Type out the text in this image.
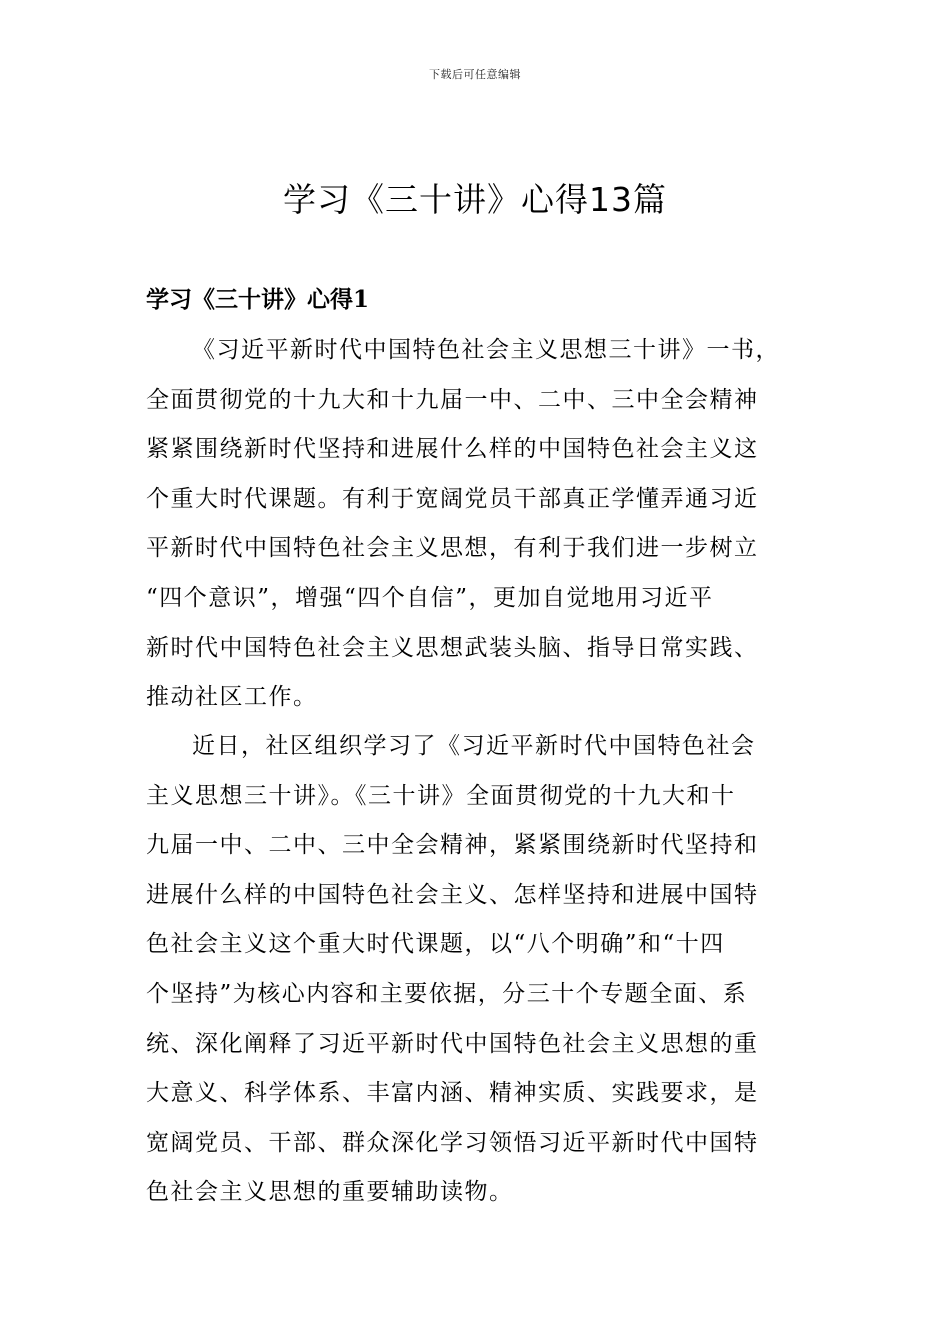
下载后可任意编辑
学习《三十讲》心得13篇
学习《三十讲》心得1

《习近平新时代中国特色社会主义思想三十讲》一书，
全面贯彻党的十九大和十九届一中、二中、三中全会精神
紧紧围绕新时代坚持和进展什么样的中国特色社会主义这
个重大时代课题。有利于宽阔党员干部真正学懂弄通习近
平新时代中国特色社会主义思想，有利于我们进一步树立
“四个意识”，增强“四个自信”，更加自觉地用习近平
新时代中国特色社会主义思想武装头脑、指导日常实践、
推动社区工作。

近日，社区组织学习了《习近平新时代中国特色社会
主义思想三十讲》。《三十讲》全面贯彻党的十九大和十
九届一中、二中、三中全会精神，紧紧围绕新时代坚持和
进展什么样的中国特色社会主义、怎样坚持和进展中国特
色社会主义这个重大时代课题，以“八个明确”和“十四
个坚持”为核心内容和主要依据，分三十个专题全面、系
统、深化阐释了习近平新时代中国特色社会主义思想的重
大意义、科学体系、丰富内涵、精神实质、实践要求，是
宽阔党员、干部、群众深化学习领悟习近平新时代中国特
色社会主义思想的重要辅助读物。
